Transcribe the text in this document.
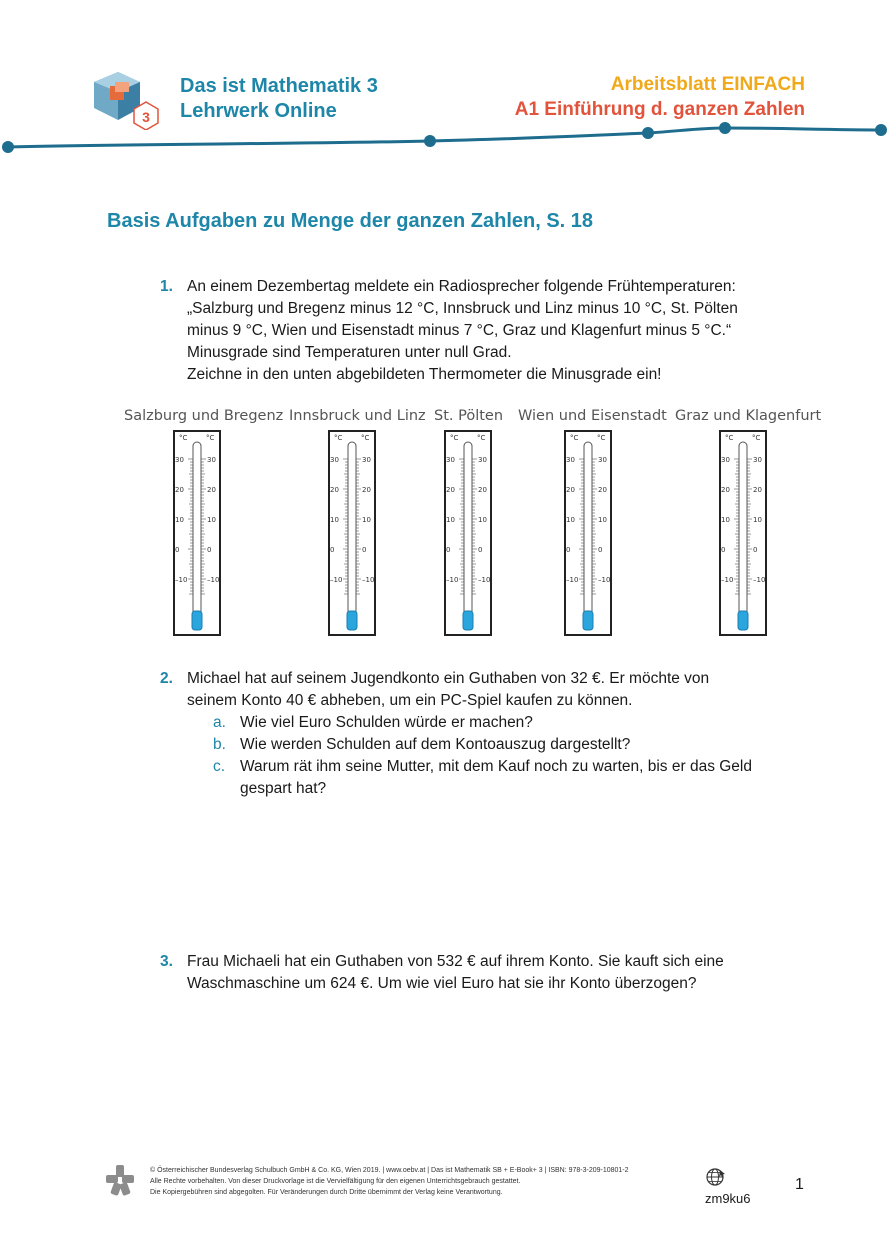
3
Das ist Mathematik 3
Lehrwerk Online
Arbeitsblatt EINFACH
A1 Einführung d. ganzen Zahlen
Basis Aufgaben zu Menge der ganzen Zahlen, S. 18
1. An einem Dezembertag meldete ein Radiosprecher folgende Frühtemperaturen:
„Salzburg und Bregenz minus 12 °C, Innsbruck und Linz minus 10 °C, St. Pölten
minus 9 °C, Wien und Eisenstadt minus 7 °C, Graz und Klagenfurt minus 5 °C.“
Minusgrade sind Temperaturen unter null Grad.
Zeichne in den unten abgebildeten Thermometer die Minusgrade ein!
Salzburg und Bregenz Innsbruck und Linz St. Pölten Wien und Eisenstadt Graz und Klagenfurt
°C	°C
30	30
20	20
10	10
0	0
–10	–10
°C	°C
30	30
20	20
10	10
0	0
–10	–10
°C	°C
30	30
20	20
10	10
0	0
–10	–10
°C	°C
30	30
20	20
10	10
0	0
–10	–10
°C	°C
30	30
20	20
10	10
0	0
–10	–10
2. Michael hat auf seinem Jugendkonto ein Guthaben von 32 €. Er möchte von
seinem Konto 40 € abheben, um ein PC-Spiel kaufen zu können.
a. Wie viel Euro Schulden würde er machen?
b. Wie werden Schulden auf dem Kontoauszug dargestellt?
c. Warum rät ihm seine Mutter, mit dem Kauf noch zu warten, bis er das Geld gespart hat?
3. Frau Michaeli hat ein Guthaben von 532 € auf ihrem Konto. Sie kauft sich eine
Waschmaschine um 624 €. Um wie viel Euro hat sie ihr Konto überzogen?
© Österreichischer Bundesverlag Schulbuch GmbH & Co. KG, Wien 2019. | www.oebv.at | Das ist Mathematik SB + E-Book+ 3 | ISBN: 978-3-209-10801-2
Alle Rechte vorbehalten. Von dieser Druckvorlage ist die Vervielfältigung für den eigenen Unterrichtsgebrauch gestattet.
Die Kopiergebühren sind abgegolten. Für Veränderungen durch Dritte übernimmt der Verlag keine Verantwortung.	zm9ku6
1
